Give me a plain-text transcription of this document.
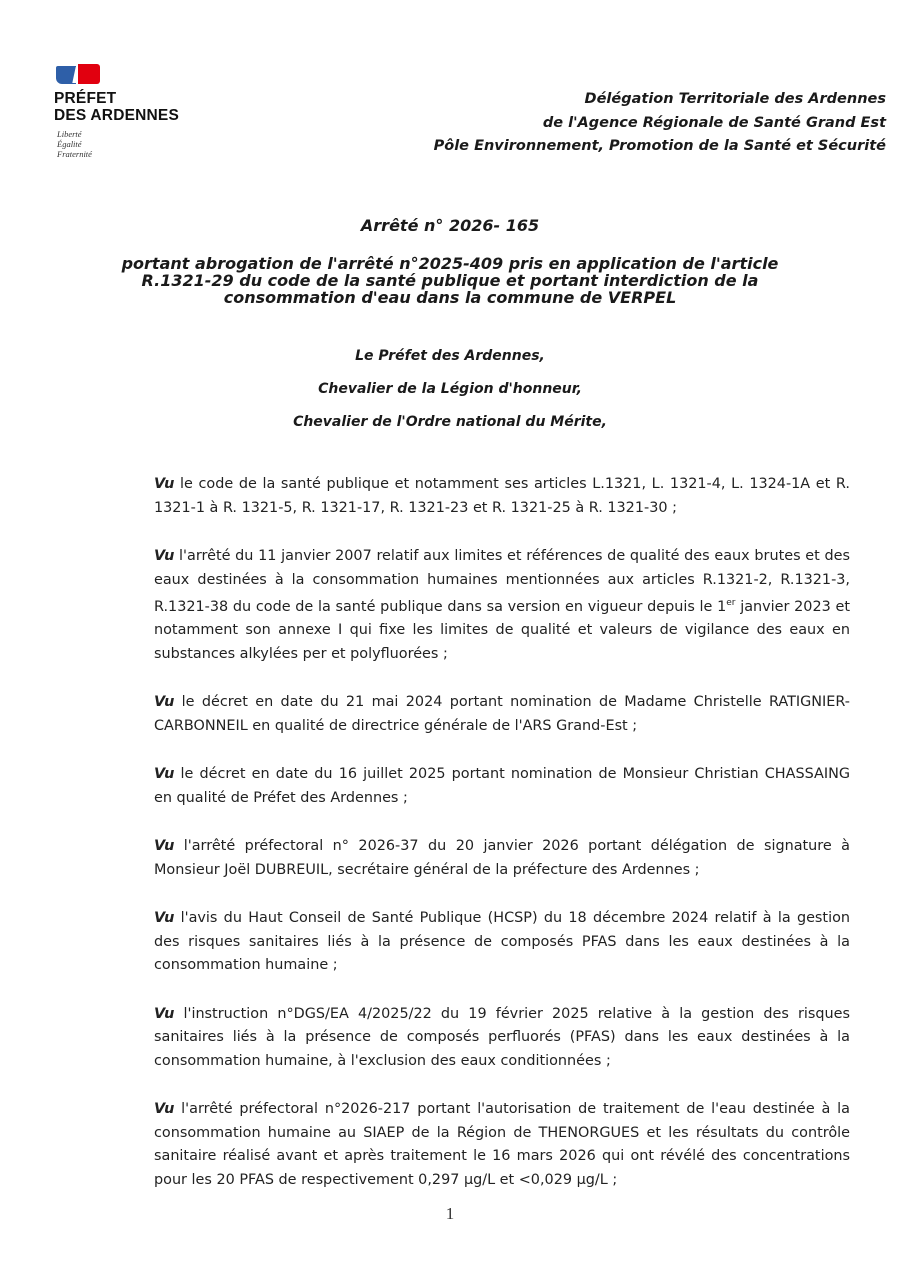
PRÉFET
DES ARDENNES
Liberté
Égalité
Fraternité
Délégation Territoriale des Ardennes
de l'Agence Régionale de Santé Grand Est
Pôle Environnement, Promotion de la Santé et Sécurité
Arrêté n° 2026- 165
portant abrogation de l'arrêté n°2025-409 pris en application de l'article R.1321-29 du code de la santé publique et portant interdiction de la consommation d'eau dans la commune de VERPEL
Le Préfet des Ardennes,
Chevalier de la Légion d'honneur,
Chevalier de l'Ordre national du Mérite,

Vu le code de la santé publique et notamment ses articles L.1321, L. 1321-4, L. 1324-1A et R. 1321-1 à R. 1321-5, R. 1321-17, R. 1321-23 et R. 1321-25 à R. 1321-30 ;

Vu l'arrêté du 11 janvier 2007 relatif aux limites et références de qualité des eaux brutes et des eaux destinées à la consommation humaines mentionnées aux articles R.1321-2, R.1321-3, R.1321-38 du code de la santé publique dans sa version en vigueur depuis le 1er janvier 2023 et notamment son annexe I qui fixe les limites de qualité et valeurs de vigilance des eaux en substances alkylées per et polyfluorées ;

Vu le décret en date du 21 mai 2024 portant nomination de Madame Christelle RATIGNIER-CARBONNEIL en qualité de directrice générale de l'ARS Grand-Est ;

Vu le décret en date du 16 juillet 2025 portant nomination de Monsieur Christian CHASSAING en qualité de Préfet des Ardennes ;

Vu l'arrêté préfectoral n° 2026-37 du 20 janvier 2026 portant délégation de signature à Monsieur Joël DUBREUIL, secrétaire général de la préfecture des Ardennes ;

Vu l'avis du Haut Conseil de Santé Publique (HCSP) du 18 décembre 2024 relatif à la gestion des risques sanitaires liés à la présence de composés PFAS dans les eaux destinées à la consommation humaine ;

Vu l'instruction n°DGS/EA 4/2025/22 du 19 février 2025 relative à la gestion des risques sanitaires liés à la présence de composés perfluorés (PFAS) dans les eaux destinées à la consommation humaine, à l'exclusion des eaux conditionnées ;

Vu l'arrêté préfectoral n°2026-217 portant l'autorisation de traitement de l'eau destinée à la consommation humaine au SIAEP de la Région de THENORGUES et les résultats du contrôle sanitaire réalisé avant et après traitement le 16 mars 2026 qui ont révélé des concentrations pour les 20 PFAS de respectivement 0,297 µg/L et <0,029 µg/L ;

1
